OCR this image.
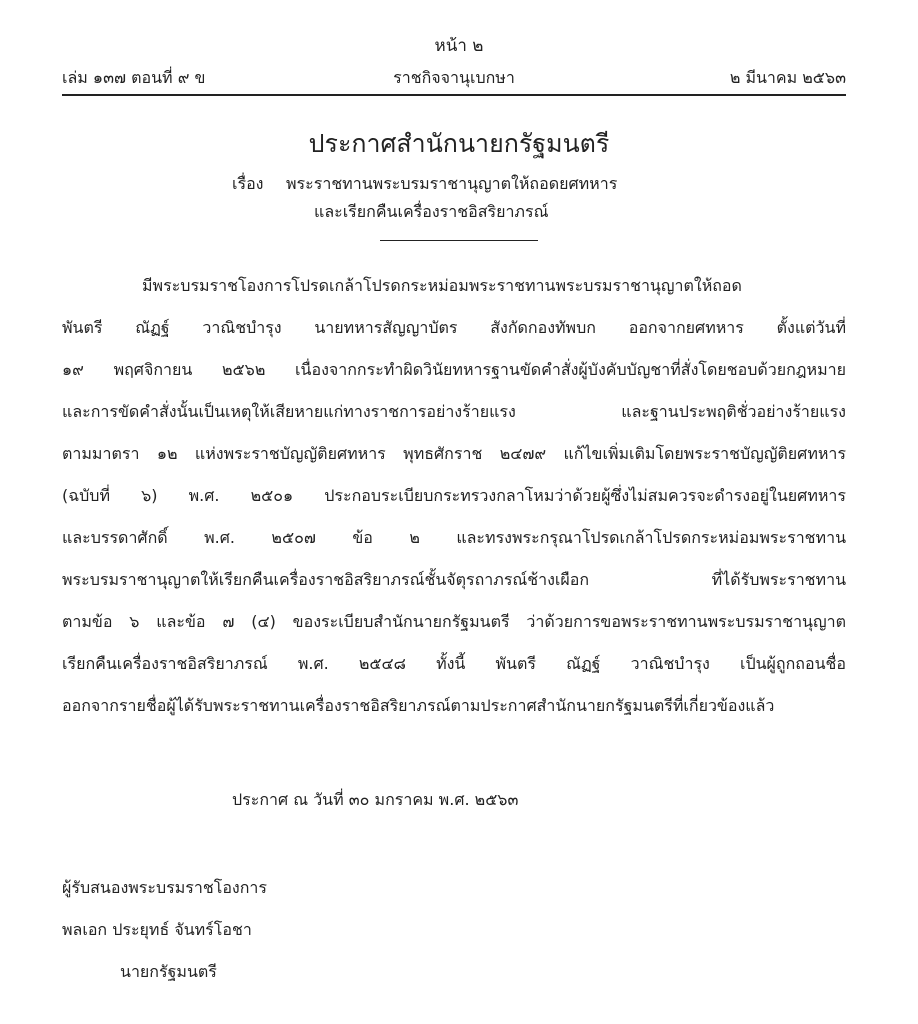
หน้า ๒
ราชกิจจานุเบกษา
เล่ม ๑๓๗ ตอนที่ ๙ ข	๒ มีนาคม ๒๕๖๓
ประกาศสำนักนายกรัฐมนตรี
เรื่อง พระราชทานพระบรมราชานุญาตให้ถอดยศทหาร
และเรียกคืนเครื่องราชอิสริยาภรณ์
มีพระบรมราชโองการโปรดเกล้าโปรดกระหม่อมพระราชทานพระบรมราชานุญาตให้ถอด
พันตรี ณัฏฐ์ วาณิชบำรุง นายทหารสัญญาบัตร สังกัดกองทัพบก ออกจากยศทหาร ตั้งแต่วันที่
๑๙ พฤศจิกายน ๒๕๖๒ เนื่องจากกระทำผิดวินัยทหารฐานขัดคำสั่งผู้บังคับบัญชาที่สั่งโดยชอบด้วยกฎหมาย
และการขัดคำสั่งนั้นเป็นเหตุให้เสียหายแก่ทางราชการอย่างร้ายแรง และฐานประพฤติชั่วอย่างร้ายแรง
ตามมาตรา ๑๒ แห่งพระราชบัญญัติยศทหาร พุทธศักราช ๒๔๗๙ แก้ไขเพิ่มเติมโดยพระราชบัญญัติยศทหาร
(ฉบับที่ ๖) พ.ศ. ๒๕๐๑ ประกอบระเบียบกระทรวงกลาโหมว่าด้วยผู้ซึ่งไม่สมควรจะดำรงอยู่ในยศทหาร
และบรรดาศักดิ์ พ.ศ. ๒๕๐๗ ข้อ ๒ และทรงพระกรุณาโปรดเกล้าโปรดกระหม่อมพระราชทาน
พระบรมราชานุญาตให้เรียกคืนเครื่องราชอิสริยาภรณ์ชั้นจัตุรถาภรณ์ช้างเผือก ที่ได้รับพระราชทาน
ตามข้อ ๖ และข้อ ๗ (๔) ของระเบียบสำนักนายกรัฐมนตรี ว่าด้วยการขอพระราชทานพระบรมราชานุญาต
เรียกคืนเครื่องราชอิสริยาภรณ์ พ.ศ. ๒๕๔๘ ทั้งนี้ พันตรี ณัฏฐ์ วาณิชบำรุง เป็นผู้ถูกถอนชื่อ
ออกจากรายชื่อผู้ได้รับพระราชทานเครื่องราชอิสริยาภรณ์ตามประกาศสำนักนายกรัฐมนตรีที่เกี่ยวข้องแล้ว
ประกาศ ณ วันที่ ๓๐ มกราคม พ.ศ. ๒๕๖๓
ผู้รับสนองพระบรมราชโองการ
พลเอก ประยุทธ์ จันทร์โอชา
นายกรัฐมนตรี
